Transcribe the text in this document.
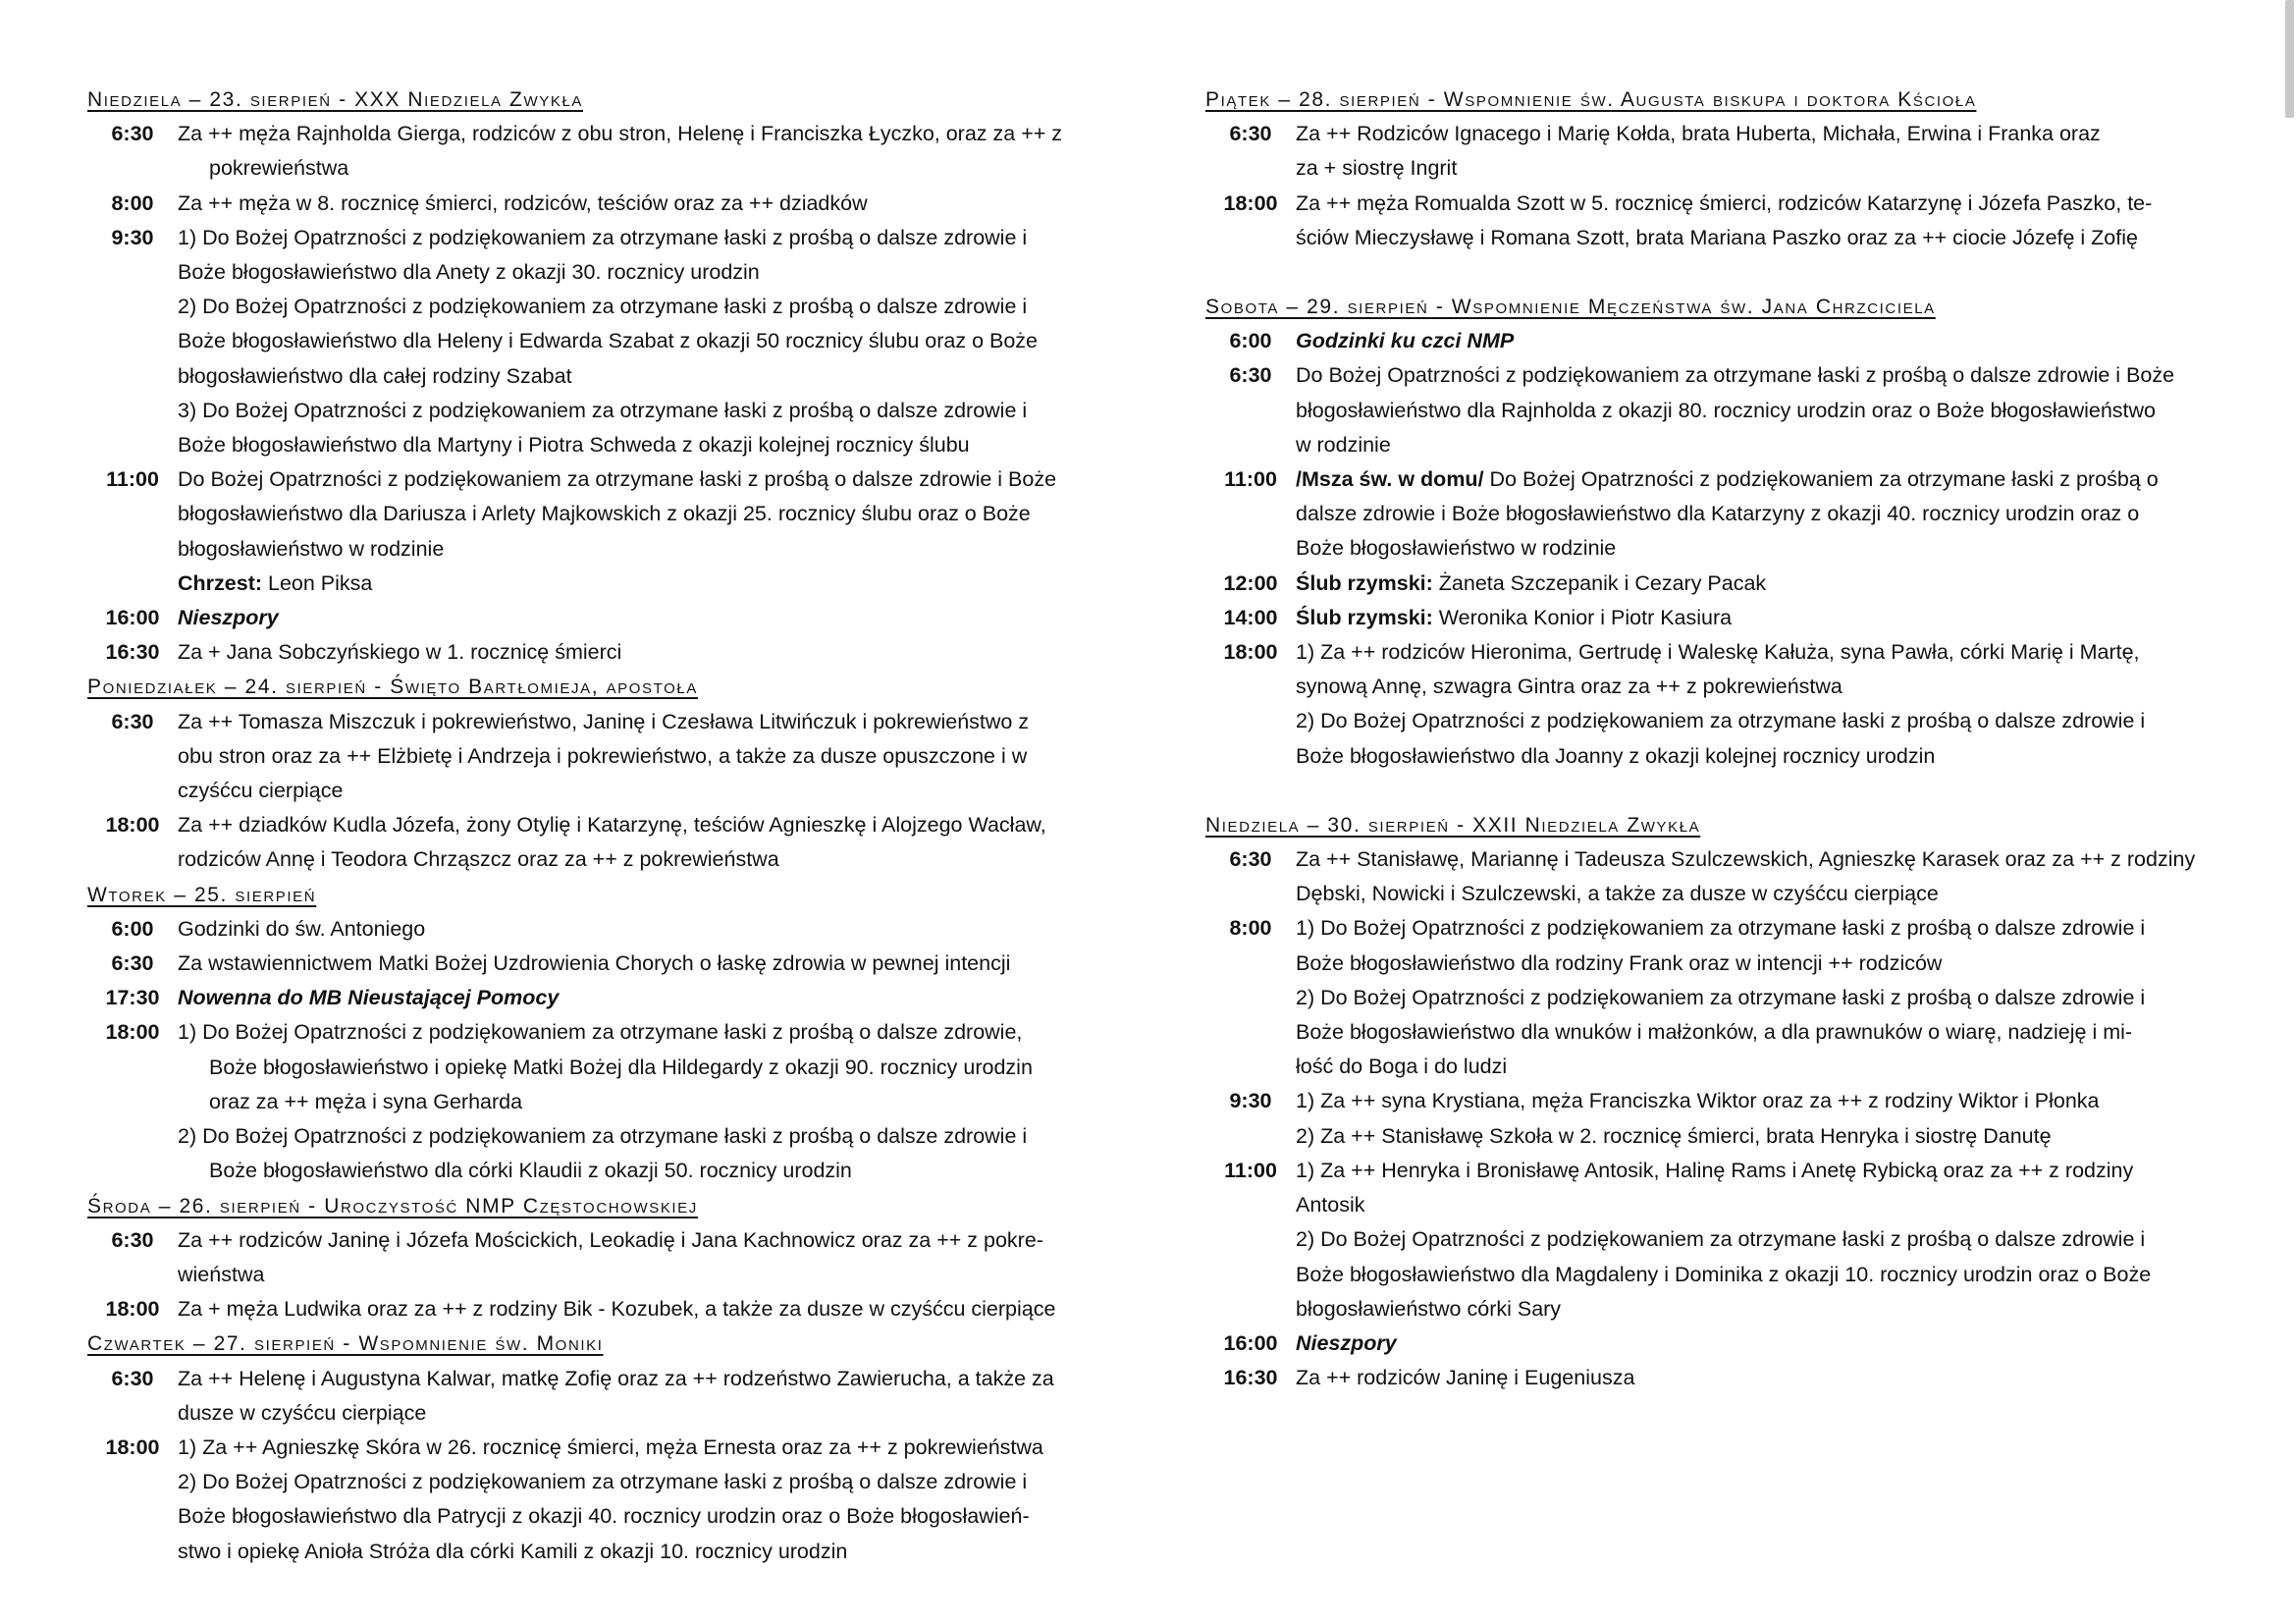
Niedziela – 23. sierpień - XXX Niedziela Zwykła
6:30	Za ++ męża Rajnholda Gierga, rodziców z obu stron, Helenę i Franciszka Łyczko, oraz za ++ z
pokrewieństwa
8:00	Za ++ męża w 8. rocznicę śmierci, rodziców, teściów oraz za ++ dziadków
9:30	1) Do Bożej Opatrzności z podziękowaniem za otrzymane łaski z prośbą o dalsze zdrowie i
Boże błogosławieństwo dla Anety z okazji 30. rocznicy urodzin
2) Do Bożej Opatrzności z podziękowaniem za otrzymane łaski z prośbą o dalsze zdrowie i
Boże błogosławieństwo dla Heleny i Edwarda Szabat z okazji 50 rocznicy ślubu oraz o Boże
błogosławieństwo dla całej rodziny Szabat
3) Do Bożej Opatrzności z podziękowaniem za otrzymane łaski z prośbą o dalsze zdrowie i
Boże błogosławieństwo dla Martyny i Piotra Schweda z okazji kolejnej rocznicy ślubu
11:00 Do Bożej Opatrzności z podziękowaniem za otrzymane łaski z prośbą o dalsze zdrowie i Boże
błogosławieństwo dla Dariusza i Arlety Majkowskich z okazji 25. rocznicy ślubu oraz o Boże
błogosławieństwo w rodzinie
Chrzest: Leon Piksa
16:00 Nieszpory
16:30 Za + Jana Sobczyńskiego w 1. rocznicę śmierci
Poniedziałek – 24. sierpień - Święto Bartłomieja, apostoła
6:30	Za ++ Tomasza Miszczuk i pokrewieństwo, Janinę i Czesława Litwińczuk i pokrewieństwo z
obu stron oraz za ++ Elżbietę i Andrzeja i pokrewieństwo, a także za dusze opuszczone i w
czyśćcu cierpiące
18:00 Za ++ dziadków Kudla Józefa, żony Otylię i Katarzynę, teściów Agnieszkę i Alojzego Wacław,
rodziców Annę i Teodora Chrząszcz oraz za ++ z pokrewieństwa
Wtorek – 25. sierpień
6:00	Godzinki do św. Antoniego
6:30	Za wstawiennictwem Matki Bożej Uzdrowienia Chorych o łaskę zdrowia w pewnej intencji
17:30 Nowenna do MB Nieustającej Pomocy
18:00 1) Do Bożej Opatrzności z podziękowaniem za otrzymane łaski z prośbą o dalsze zdrowie,
Boże błogosławieństwo i opiekę Matki Bożej dla Hildegardy z okazji 90. rocznicy urodzin
oraz za ++ męża i syna Gerharda
2) Do Bożej Opatrzności z podziękowaniem za otrzymane łaski z prośbą o dalsze zdrowie i
Boże błogosławieństwo dla córki Klaudii z okazji 50. rocznicy urodzin
Środa – 26. sierpień - Uroczystość NMP Częstochowskiej
6:30	Za ++ rodziców Janinę i Józefa Mościckich, Leokadię i Jana Kachnowicz oraz za ++ z pokre-
wieństwa
18:00 Za + męża Ludwika oraz za ++ z rodziny Bik - Kozubek, a także za dusze w czyśćcu cierpiące
Czwartek – 27. sierpień - Wspomnienie św. Moniki
6:30	Za ++ Helenę i Augustyna Kalwar, matkę Zofię oraz za ++ rodzeństwo Zawierucha, a także za
dusze w czyśćcu cierpiące
18:00 1) Za ++ Agnieszkę Skóra w 26. rocznicę śmierci, męża Ernesta oraz za ++ z pokrewieństwa
2) Do Bożej Opatrzności z podziękowaniem za otrzymane łaski z prośbą o dalsze zdrowie i
Boże błogosławieństwo dla Patrycji z okazji 40. rocznicy urodzin oraz o Boże błogosławień-
stwo i opiekę Anioła Stróża dla córki Kamili z okazji 10. rocznicy urodzin
Piątek – 28. sierpień - Wspomnienie św. Augusta biskupa i doktora Kścioła
6:30	Za ++ Rodziców Ignacego i Marię Kołda, brata Huberta, Michała, Erwina i Franka oraz
za + siostrę Ingrit
18:00 Za ++ męża Romualda Szott w 5. rocznicę śmierci, rodziców Katarzynę i Józefa Paszko, te-
ściów Mieczysławę i Romana Szott, brata Mariana Paszko oraz za ++ ciocie Józefę i Zofię
Sobota – 29. sierpień - Wspomnienie Męczeństwa św. Jana Chrzciciela
6:00	Godzinki ku czci NMP
6:30	Do Bożej Opatrzności z podziękowaniem za otrzymane łaski z prośbą o dalsze zdrowie i Boże
błogosławieństwo dla Rajnholda z okazji 80. rocznicy urodzin oraz o Boże błogosławieństwo
w rodzinie
11:00 /Msza św. w domu/ Do Bożej Opatrzności z podziękowaniem za otrzymane łaski z prośbą o
dalsze zdrowie i Boże błogosławieństwo dla Katarzyny z okazji 40. rocznicy urodzin oraz o
Boże błogosławieństwo w rodzinie
12:00 Ślub rzymski: Żaneta Szczepanik i Cezary Pacak
14:00 Ślub rzymski: Weronika Konior i Piotr Kasiura
18:00 1) Za ++ rodziców Hieronima, Gertrudę i Waleskę Kałuża, syna Pawła, córki Marię i Martę,
synową Annę, szwagra Gintra oraz za ++ z pokrewieństwa
2) Do Bożej Opatrzności z podziękowaniem za otrzymane łaski z prośbą o dalsze zdrowie i
Boże błogosławieństwo dla Joanny z okazji kolejnej rocznicy urodzin
Niedziela – 30. sierpień - XXII Niedziela Zwykła
6:30	Za ++ Stanisławę, Mariannę i Tadeusza Szulczewskich, Agnieszkę Karasek oraz za ++ z rodziny
Dębski, Nowicki i Szulczewski, a także za dusze w czyśćcu cierpiące
8:00	1) Do Bożej Opatrzności z podziękowaniem za otrzymane łaski z prośbą o dalsze zdrowie i
Boże błogosławieństwo dla rodziny Frank oraz w intencji ++ rodziców
2) Do Bożej Opatrzności z podziękowaniem za otrzymane łaski z prośbą o dalsze zdrowie i
Boże błogosławieństwo dla wnuków i małżonków, a dla prawnuków o wiarę, nadzieję i mi-
łość do Boga i do ludzi
9:30	1) Za ++ syna Krystiana, męża Franciszka Wiktor oraz za ++ z rodziny Wiktor i Płonka
2) Za ++ Stanisławę Szkoła w 2. rocznicę śmierci, brata Henryka i siostrę Danutę
11:00 1) Za ++ Henryka i Bronisławę Antosik, Halinę Rams i Anetę Rybicką oraz za ++ z rodziny
Antosik
2) Do Bożej Opatrzności z podziękowaniem za otrzymane łaski z prośbą o dalsze zdrowie i
Boże błogosławieństwo dla Magdaleny i Dominika z okazji 10. rocznicy urodzin oraz o Boże
błogosławieństwo córki Sary
16:00 Nieszpory
16:30 Za ++ rodziców Janinę i Eugeniusza
